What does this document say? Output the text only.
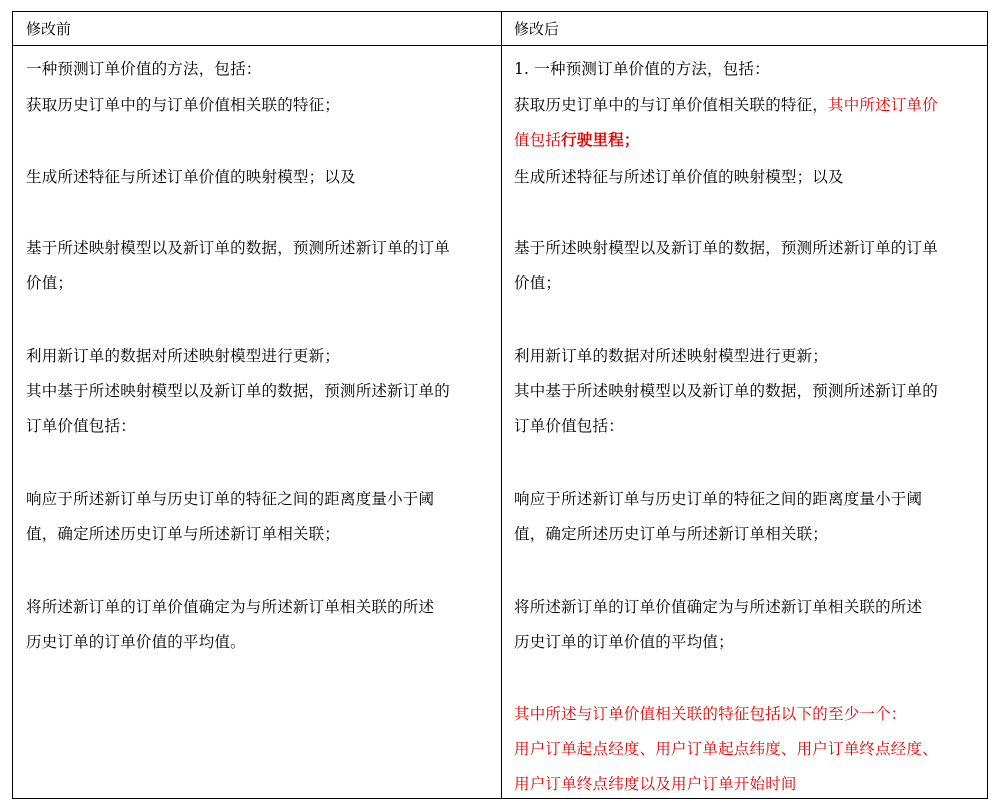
修改前	修改后
一种预测订单价值的方法，包括：
获取历史订单中的与订单价值相关联的特征；
生成所述特征与所述订单价值的映射模型；以及
基于所述映射模型以及新订单的数据，预测所述新订单的订单
价值；
利用新订单的数据对所述映射模型进行更新；
其中基于所述映射模型以及新订单的数据，预测所述新订单的
订单价值包括：
响应于所述新订单与历史订单的特征之间的距离度量小于阈
值，确定所述历史订单与所述新订单相关联；
将所述新订单的订单价值确定为与所述新订单相关联的所述
历史订单的订单价值的平均值。
1. 一种预测订单价值的方法，包括：
获取历史订单中的与订单价值相关联的特征，其中所述订单价
值包括行驶里程；
生成所述特征与所述订单价值的映射模型；以及
基于所述映射模型以及新订单的数据，预测所述新订单的订单
价值；
利用新订单的数据对所述映射模型进行更新；
其中基于所述映射模型以及新订单的数据，预测所述新订单的
订单价值包括：
响应于所述新订单与历史订单的特征之间的距离度量小于阈
值，确定所述历史订单与所述新订单相关联；
将所述新订单的订单价值确定为与所述新订单相关联的所述
历史订单的订单价值的平均值；
其中所述与订单价值相关联的特征包括以下的至少一个：
用户订单起点经度、用户订单起点纬度、用户订单终点经度、
用户订单终点纬度以及用户订单开始时间
